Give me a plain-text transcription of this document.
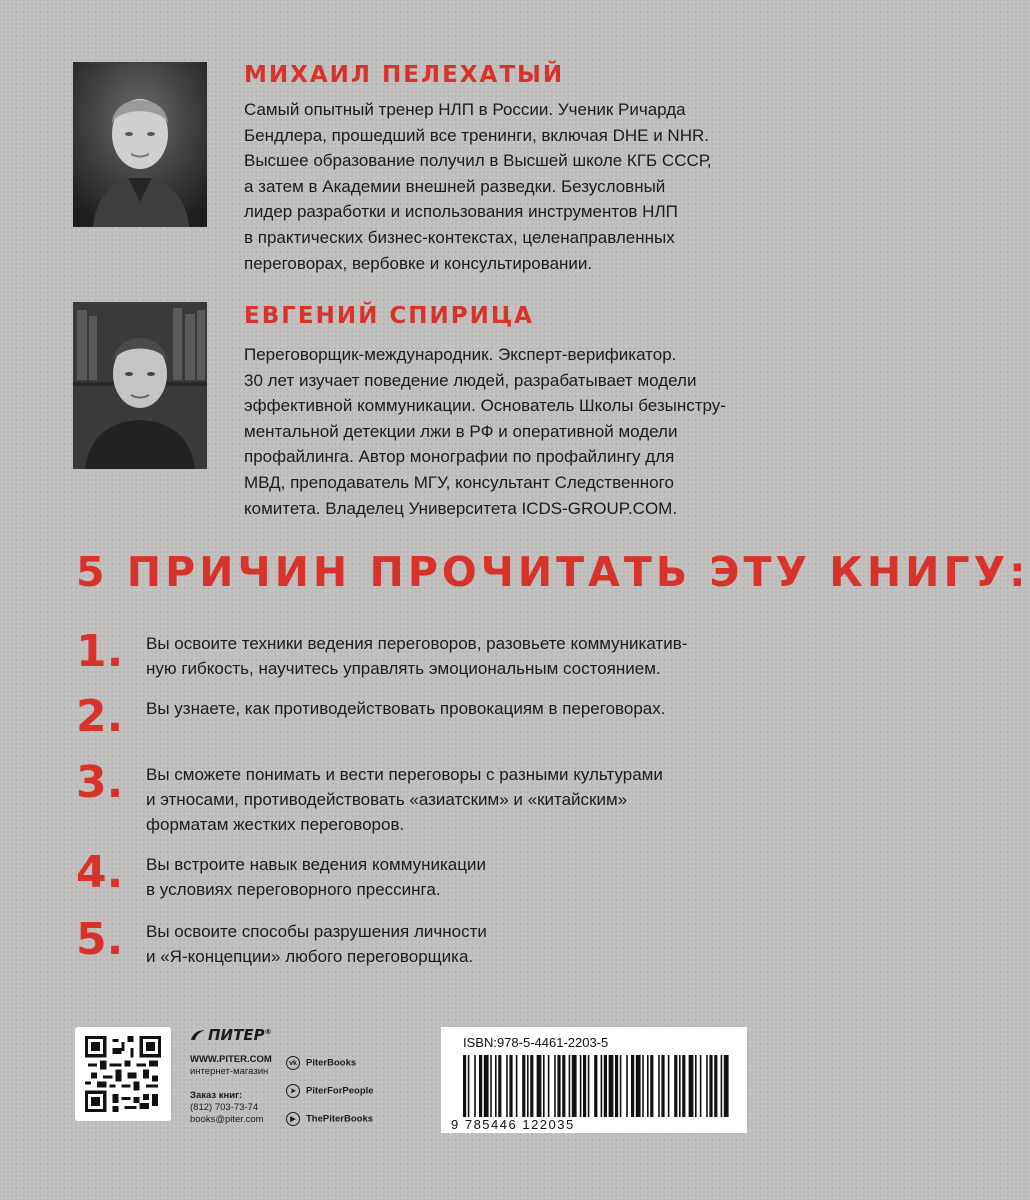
МИХАИЛ ПЕЛЕХАТЫЙ

Самый опытный тренер НЛП в России. Ученик Ричарда
Бендлера, прошедший все тренинги, включая DHE и NHR.
Высшее образование получил в Высшей школе КГБ СССР,
а затем в Академии внешней разведки. Безусловный
лидер разработки и использования инструментов НЛП
в практических бизнес-контекстах, целенаправленных
переговорах, вербовке и консультировании.

ЕВГЕНИЙ СПИРИЦА

Переговорщик-международник. Эксперт-верификатор.
30 лет изучает поведение людей, разрабатывает модели
эффективной коммуникации. Основатель Школы безынстру-
ментальной детекции лжи в РФ и оперативной модели
профайлинга. Автор монографии по профайлингу для
МВД, преподаватель МГУ, консультант Следственного
комитета. Владелец Университета ICDS-GROUP.COM.

5 ПРИЧИН ПРОЧИТАТЬ ЭТУ КНИГУ:
1. Вы освоите техники ведения переговоров, разовьете коммуникатив-
ную гибкость, научитесь управлять эмоциональным состоянием.

2. Вы узнаете, как противодействовать провокациям в переговорах.

3. Вы сможете понимать и вести переговоры с разными культурами
и этносами, противодействовать «азиатским» и «китайским»
форматам жестких переговоров.

4. Вы встроите навык ведения коммуникации
в условиях переговорного прессинга.

5. Вы освоите способы разрушения личности
и «Я-концепции» любого переговорщика.

ПИТЕР®
WWW.PITER.COM
интернет-магазин
Заказ книг:
(812) 703-73-74
books@piter.com
vk PiterBooks
➤ PiterForPeople
▶ ThePiterBooks
ISBN:978-5-4461-2203-5
9 785446 122035
